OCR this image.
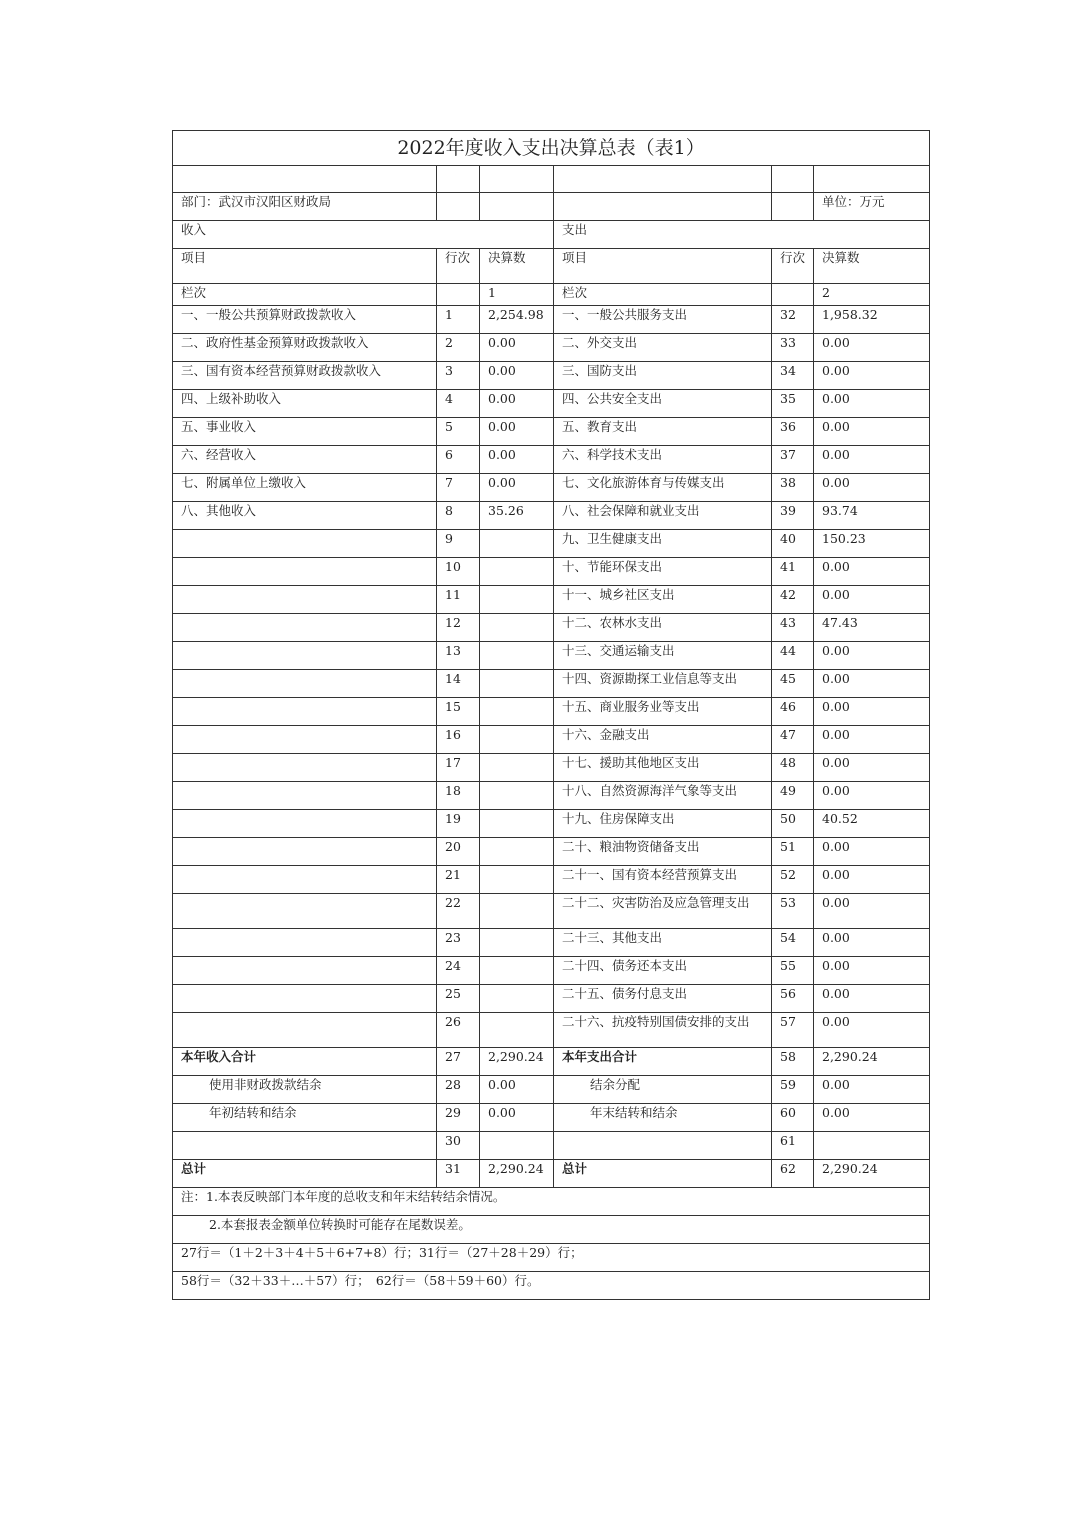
2022年度收入支出决算总表（表1）					

部门：武汉市汉阳区财政局					单位：万元
收入			支出		
项目	行次	决算数	项目	行次	决算数
栏次		1	栏次		2
一、一般公共预算财政拨款收入	1	2,254.98	一、一般公共服务支出	32	1,958.32
二、政府性基金预算财政拨款收入	2	0.00	二、外交支出	33	0.00
三、国有资本经营预算财政拨款收入	3	0.00	三、国防支出	34	0.00
四、上级补助收入	4	0.00	四、公共安全支出	35	0.00
五、事业收入	5	0.00	五、教育支出	36	0.00
六、经营收入	6	0.00	六、科学技术支出	37	0.00
七、附属单位上缴收入	7	0.00	七、文化旅游体育与传媒支出	38	0.00
八、其他收入	8	35.26	八、社会保障和就业支出	39	93.74
	9		九、卫生健康支出	40	150.23
	10		十、节能环保支出	41	0.00
	11		十一、城乡社区支出	42	0.00
	12		十二、农林水支出	43	47.43
	13		十三、交通运输支出	44	0.00
	14		十四、资源勘探工业信息等支出	45	0.00
	15		十五、商业服务业等支出	46	0.00
	16		十六、金融支出	47	0.00
	17		十七、援助其他地区支出	48	0.00
	18		十八、自然资源海洋气象等支出	49	0.00
	19		十九、住房保障支出	50	40.52
	20		二十、粮油物资储备支出	51	0.00
	21		二十一、国有资本经营预算支出	52	0.00
	22		二十二、灾害防治及应急管理支出	53	0.00
	23		二十三、其他支出	54	0.00
	24		二十四、债务还本支出	55	0.00
	25		二十五、债务付息支出	56	0.00
	26		二十六、抗疫特别国债安排的支出	57	0.00
本年收入合计	27	2,290.24	本年支出合计	58	2,290.24
使用非财政拨款结余	28	0.00	结余分配	59	0.00
年初结转和结余	29	0.00	年末结转和结余	60	0.00
	30			61	
总计	31	2,290.24	总计	62	2,290.24
注：1.本表反映部门本年度的总收支和年末结转结余情况。					
2.本套报表金额单位转换时可能存在尾数误差。					
27行＝（1＋2＋3＋4＋5＋6+7+8）行；31行＝（27＋28＋29）行；					
58行＝（32＋33＋…＋57）行；　62行＝（58＋59＋60）行。					
